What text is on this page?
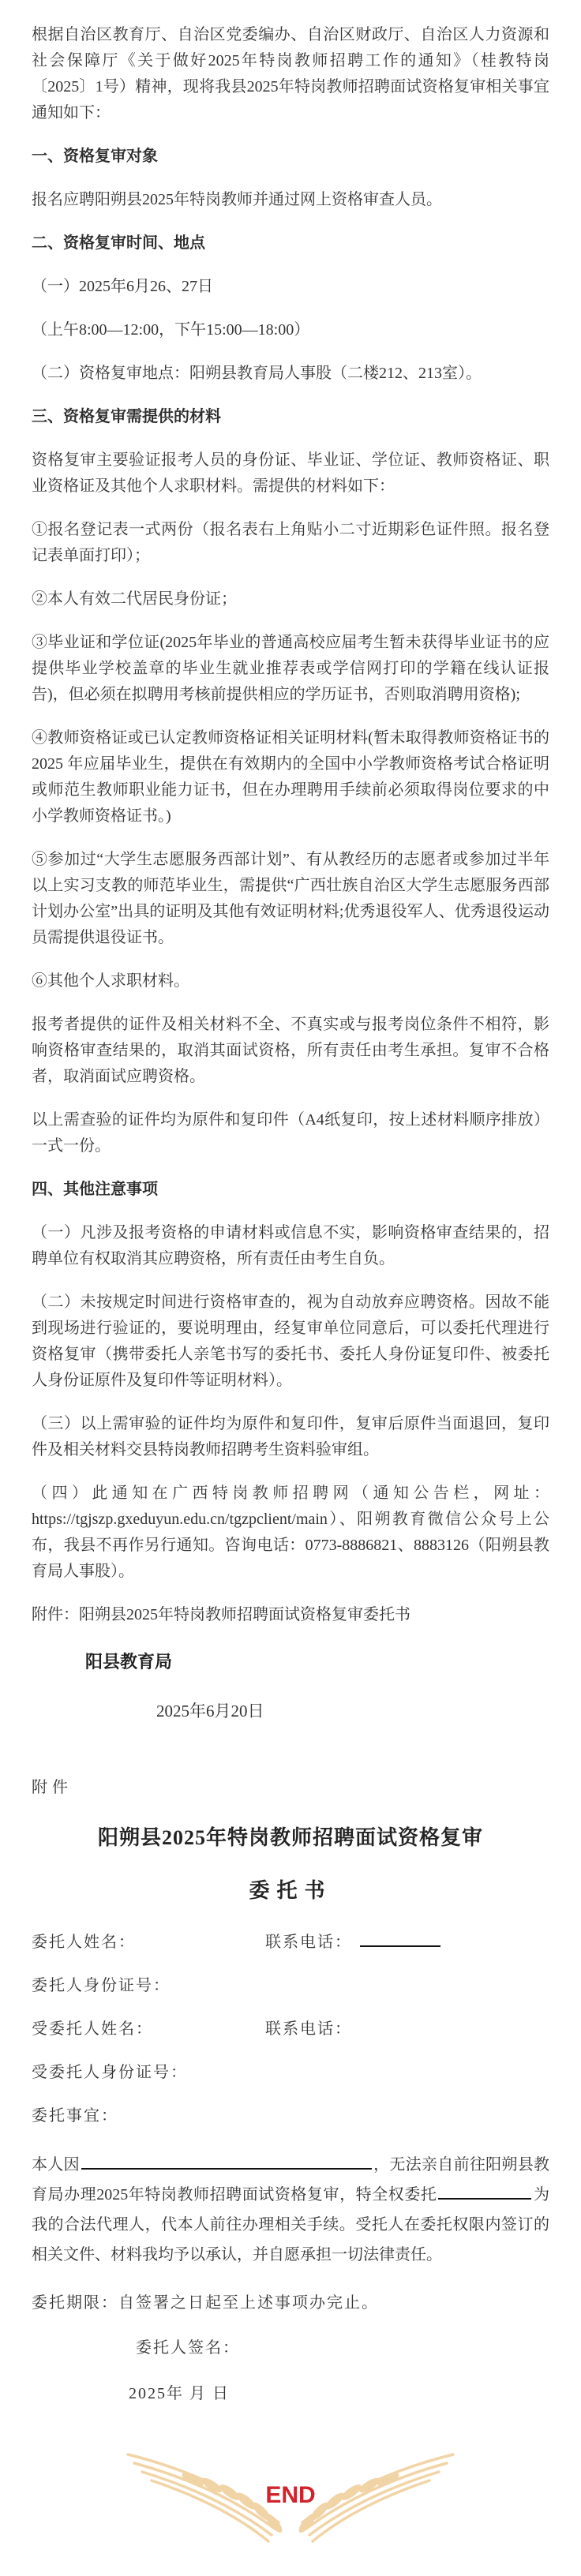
根据自治区教育厅、自治区党委编办、自治区财政厅、自治区人力资源和社会保障厅《关于做好2025年特岗教师招聘工作的通知》（桂教特岗〔2025〕1号）精神，现将我县2025年特岗教师招聘面试资格复审相关事宜通知如下：

一、资格复审对象

报名应聘阳朔县2025年特岗教师并通过网上资格审查人员。

二、资格复审时间、地点

（一）2025年6月26、27日

（上午8:00—12:00，下午15:00—18:00）

（二）资格复审地点：阳朔县教育局人事股（二楼212、213室）。

三、资格复审需提供的材料

资格复审主要验证报考人员的身份证、毕业证、学位证、教师资格证、职业资格证及其他个人求职材料。需提供的材料如下：

①报名登记表一式两份（报名表右上角贴小二寸近期彩色证件照。报名登记表单面打印）；

②本人有效二代居民身份证；

③毕业证和学位证(2025年毕业的普通高校应届考生暂未获得毕业证书的应提供毕业学校盖章的毕业生就业推荐表或学信网打印的学籍在线认证报告)，但必须在拟聘用考核前提供相应的学历证书，否则取消聘用资格);

④教师资格证或已认定教师资格证相关证明材料(暂未取得教师资格证书的2025 年应届毕业生，提供在有效期内的全国中小学教师资格考试合格证明或师范生教师职业能力证书，但在办理聘用手续前必须取得岗位要求的中小学教师资格证书。)

⑤参加过“大学生志愿服务西部计划”、有从教经历的志愿者或参加过半年以上实习支教的师范毕业生，需提供“广西壮族自治区大学生志愿服务西部计划办公室”出具的证明及其他有效证明材料;优秀退役军人、优秀退役运动员需提供退役证书。

⑥其他个人求职材料。

报考者提供的证件及相关材料不全、不真实或与报考岗位条件不相符，影响资格审查结果的，取消其面试资格，所有责任由考生承担。复审不合格者，取消面试应聘资格。

以上需查验的证件均为原件和复印件（A4纸复印，按上述材料顺序排放）一式一份。

四、其他注意事项

（一）凡涉及报考资格的申请材料或信息不实，影响资格审查结果的，招聘单位有权取消其应聘资格，所有责任由考生自负。

（二）未按规定时间进行资格审查的，视为自动放弃应聘资格。因故不能到现场进行验证的，要说明理由，经复审单位同意后，可以委托代理进行资格复审（携带委托人亲笔书写的委托书、委托人身份证复印件、被委托人身份证原件及复印件等证明材料）。

（三）以上需审验的证件均为原件和复印件，复审后原件当面退回，复印件及相关材料交县特岗教师招聘考生资料验审组。

（四）此通知在广西特岗教师招聘网（通知公告栏，网址：https://tgjszp.gxeduyun.edu.cn/tgzpclient/main）、阳朔教育微信公众号上公布，我县不再作另行通知。咨询电话：0773-8886821、8883126（阳朔县教育局人事股）。

附件：阳朔县2025年特岗教师招聘面试资格复审委托书

阳县教育局

2025年6月20日

附件

阳朔县2025年特岗教师招聘面试资格复审

委托书

委托人姓名：	联系电话：

委托人身份证号：

受委托人姓名：	联系电话：

受委托人身份证号：

委托事宜：

本人因	，无法亲自前往阳朔县教育局办理2025年特岗教师招聘面试资格复审，特全权委托	为我的合法代理人，代本人前往办理相关手续。受托人在委托权限内签订的相关文件、材料我均予以承认，并自愿承担一切法律责任。

委托期限：自签署之日起至上述事项办完止。

委托人签名：

2025年 月 日

END
